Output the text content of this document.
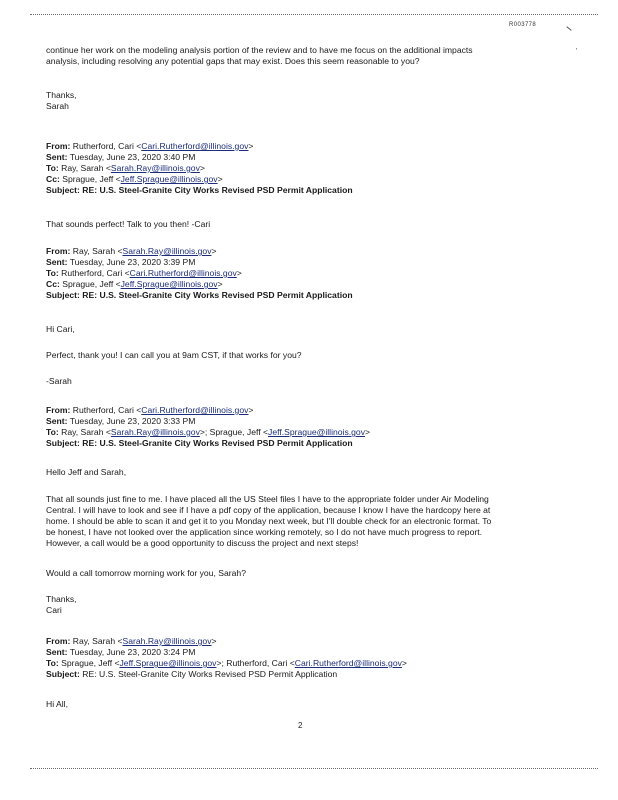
R003778
'
continue her work on the modeling analysis portion of the review and to have me focus on the additional impacts
analysis, including resolving any potential gaps that may exist. Does this seem reasonable to you?
Thanks,
Sarah
From: Rutherford, Cari <Cari.Rutherford@illinois.gov>
Sent: Tuesday, June 23, 2020 3:40 PM
To: Ray, Sarah <Sarah.Ray@illinois.gov>
Cc: Sprague, Jeff <Jeff.Sprague@illinois.gov>
Subject: RE: U.S. Steel-Granite City Works Revised PSD Permit Application
That sounds perfect! Talk to you then! -Cari
From: Ray, Sarah <Sarah.Ray@illinois.gov>
Sent: Tuesday, June 23, 2020 3:39 PM
To: Rutherford, Cari <Cari.Rutherford@illinois.gov>
Cc: Sprague, Jeff <Jeff.Sprague@illinois.gov>
Subject: RE: U.S. Steel-Granite City Works Revised PSD Permit Application
Hi Cari,
Perfect, thank you! I can call you at 9am CST, if that works for you?
-Sarah
From: Rutherford, Cari <Cari.Rutherford@illinois.gov>
Sent: Tuesday, June 23, 2020 3:33 PM
To: Ray, Sarah <Sarah.Ray@illinois.gov>; Sprague, Jeff <Jeff.Sprague@illinois.gov>
Subject: RE: U.S. Steel-Granite City Works Revised PSD Permit Application
Hello Jeff and Sarah,
That all sounds just fine to me. I have placed all the US Steel files I have to the appropriate folder under Air Modeling
Central. I will have to look and see if I have a pdf copy of the application, because I know I have the hardcopy here at
home. I should be able to scan it and get it to you Monday next week, but I'll double check for an electronic format. To
be honest, I have not looked over the application since working remotely, so I do not have much progress to report.
However, a call would be a good opportunity to discuss the project and next steps!
Would a call tomorrow morning work for you, Sarah?
Thanks,
Cari
From: Ray, Sarah <Sarah.Ray@illinois.gov>
Sent: Tuesday, June 23, 2020 3:24 PM
To: Sprague, Jeff <Jeff.Sprague@illinois.gov>; Rutherford, Cari <Cari.Rutherford@illinois.gov>
Subject: RE: U.S. Steel-Granite City Works Revised PSD Permit Application
Hi All,
2
